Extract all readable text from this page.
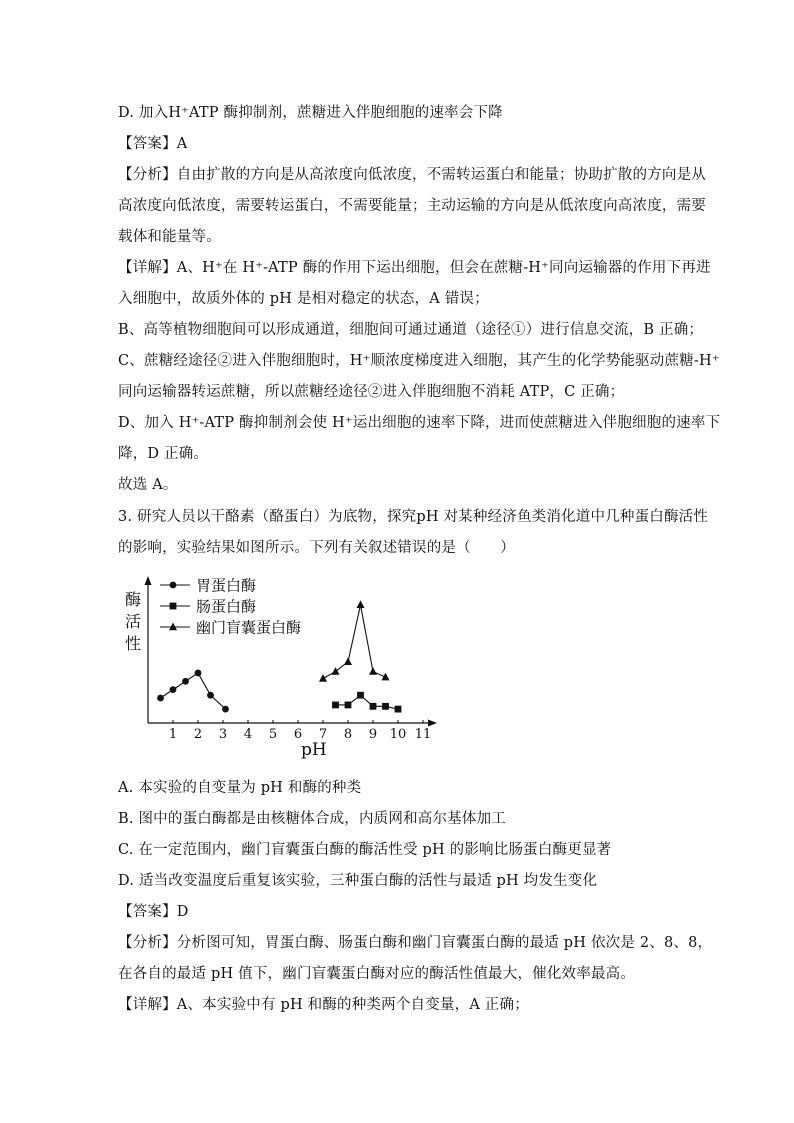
D. 加入H⁺ATP 酶抑制剂，蔗糖进入伴胞细胞的速率会下降
【答案】A
【分析】自由扩散的方向是从高浓度向低浓度，不需转运蛋白和能量；协助扩散的方向是从
高浓度向低浓度，需要转运蛋白，不需要能量；主动运输的方向是从低浓度向高浓度，需要
载体和能量等。
【详解】A、H⁺在 H⁺-ATP 酶的作用下运出细胞，但会在蔗糖-H⁺同向运输器的作用下再进
入细胞中，故质外体的 pH 是相对稳定的状态，A 错误；
B、高等植物细胞间可以形成通道，细胞间可通过通道（途径①）进行信息交流，B 正确；
C、蔗糖经途径②进入伴胞细胞时，H⁺顺浓度梯度进入细胞，其产生的化学势能驱动蔗糖-H⁺
同向运输器转运蔗糖，所以蔗糖经途径②进入伴胞细胞不消耗 ATP，C 正确；
D、加入 H⁺-ATP 酶抑制剂会使 H⁺运出细胞的速率下降，进而使蔗糖进入伴胞细胞的速率下
降，D 正确。
故选 A。
3. 研究人员以干酪素（酪蛋白）为底物，探究pH 对某种经济鱼类消化道中几种蛋白酶活性
的影响，实验结果如图所示。下列有关叙述错误的是（　　）
酶
活
性
1 2 3 4 5 6 7 8 9 10 11
pH
胃蛋白酶
肠蛋白酶
幽门盲囊蛋白酶
A. 本实验的自变量为 pH 和酶的种类
B. 图中的蛋白酶都是由核糖体合成，内质网和高尔基体加工
C. 在一定范围内，幽门盲囊蛋白酶的酶活性受 pH 的影响比肠蛋白酶更显著
D. 适当改变温度后重复该实验，三种蛋白酶的活性与最适 pH 均发生变化
【答案】D
【分析】分析图可知，胃蛋白酶、肠蛋白酶和幽门盲囊蛋白酶的最适 pH 依次是 2、8、8，
在各自的最适 pH 值下，幽门盲囊蛋白酶对应的酶活性值最大，催化效率最高。
【详解】A、本实验中有 pH 和酶的种类两个自变量，A 正确；
